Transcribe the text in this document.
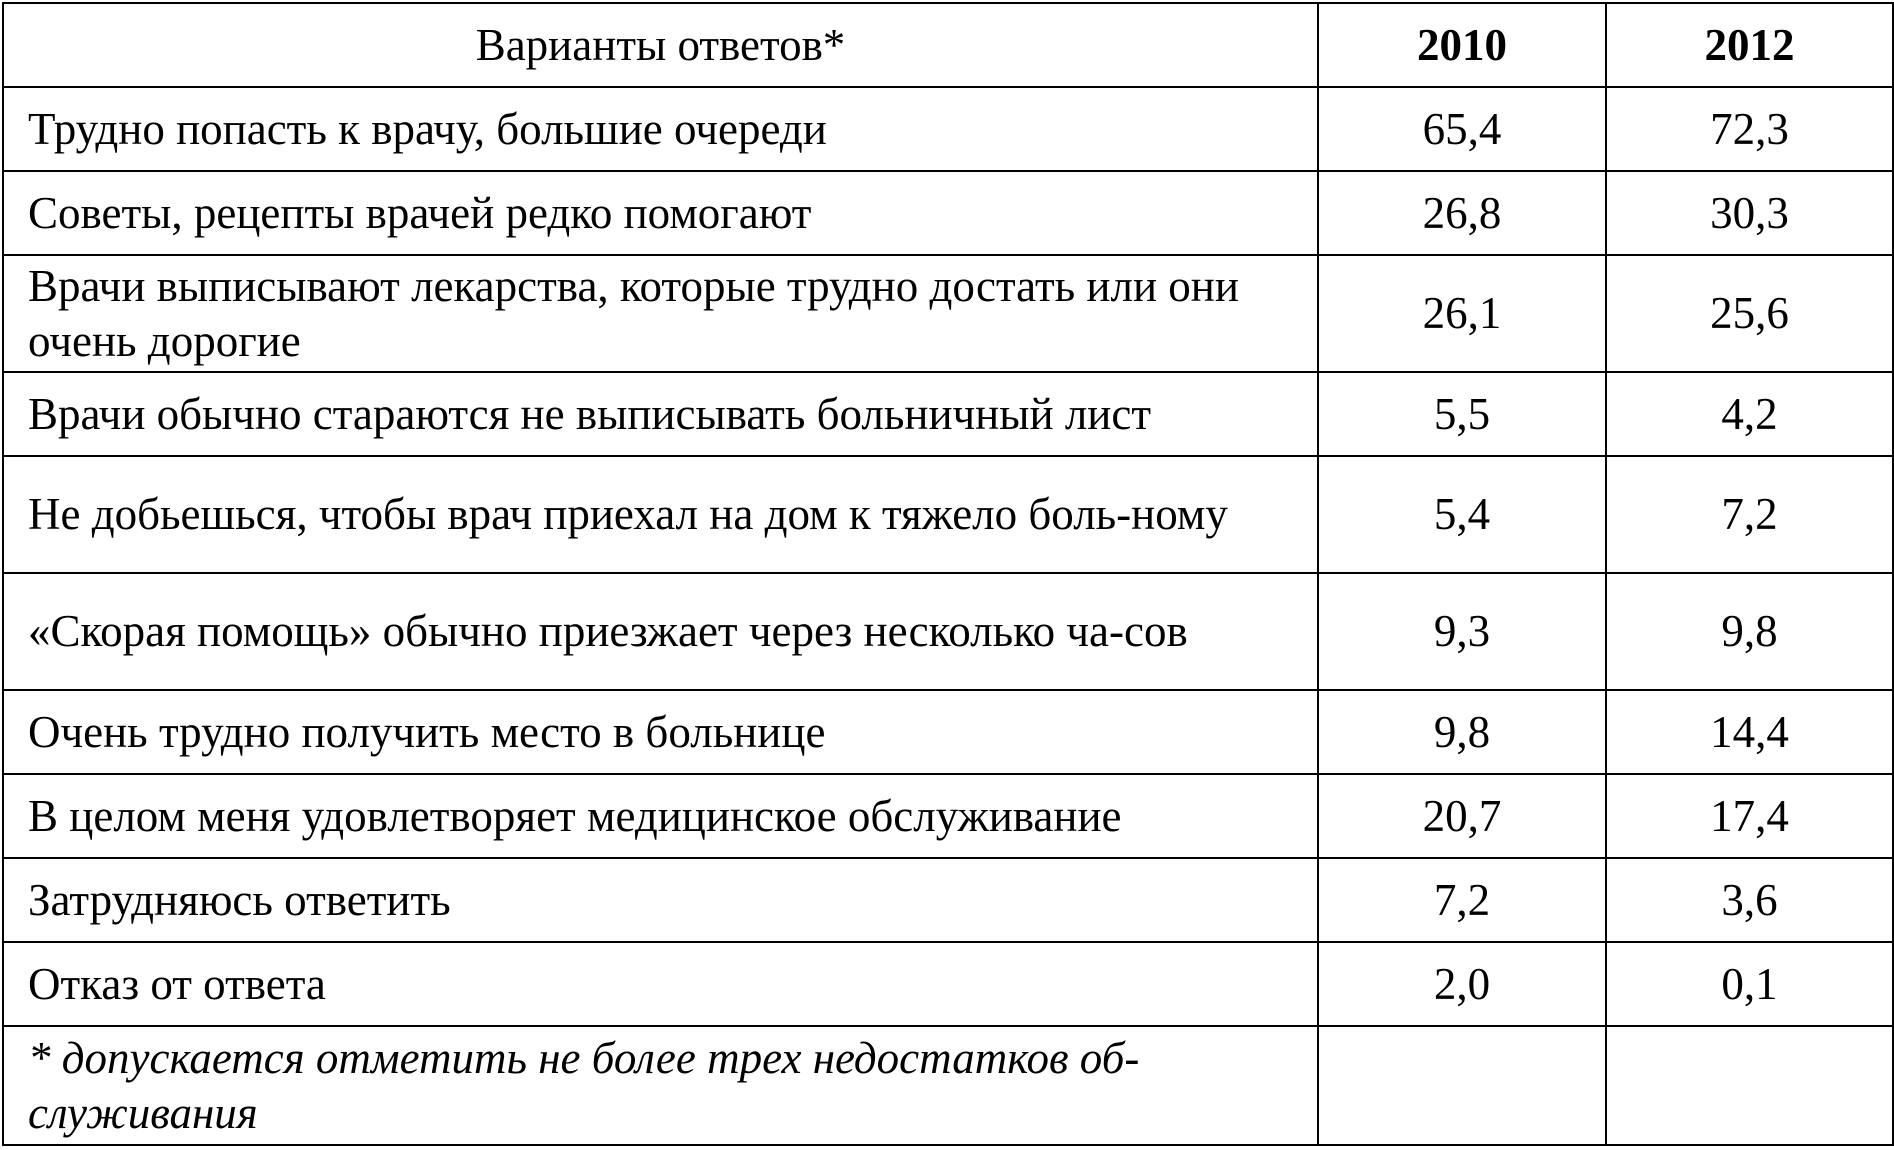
Варианты ответов*	2010	2012
Трудно попасть к врачу, большие очереди	65,4	72,3
Советы, рецепты врачей редко помогают	26,8	30,3
Врачи выписывают лекарства, которые трудно достать или они очень дорогие	26,1	25,6
Врачи обычно стараются не выписывать больничный лист	5,5	4,2
Не добьешься, чтобы врач приехал на дом к тяжело боль-ному	5,4	7,2
«Скорая помощь» обычно приезжает через несколько ча-сов	9,3	9,8
Очень трудно получить место в больнице	9,8	14,4
В целом меня удовлетворяет медицинское обслуживание	20,7	17,4
Затрудняюсь ответить	7,2	3,6
Отказ от ответа	2,0	0,1
* допускается отметить не более трех недостатков об-служивания		
